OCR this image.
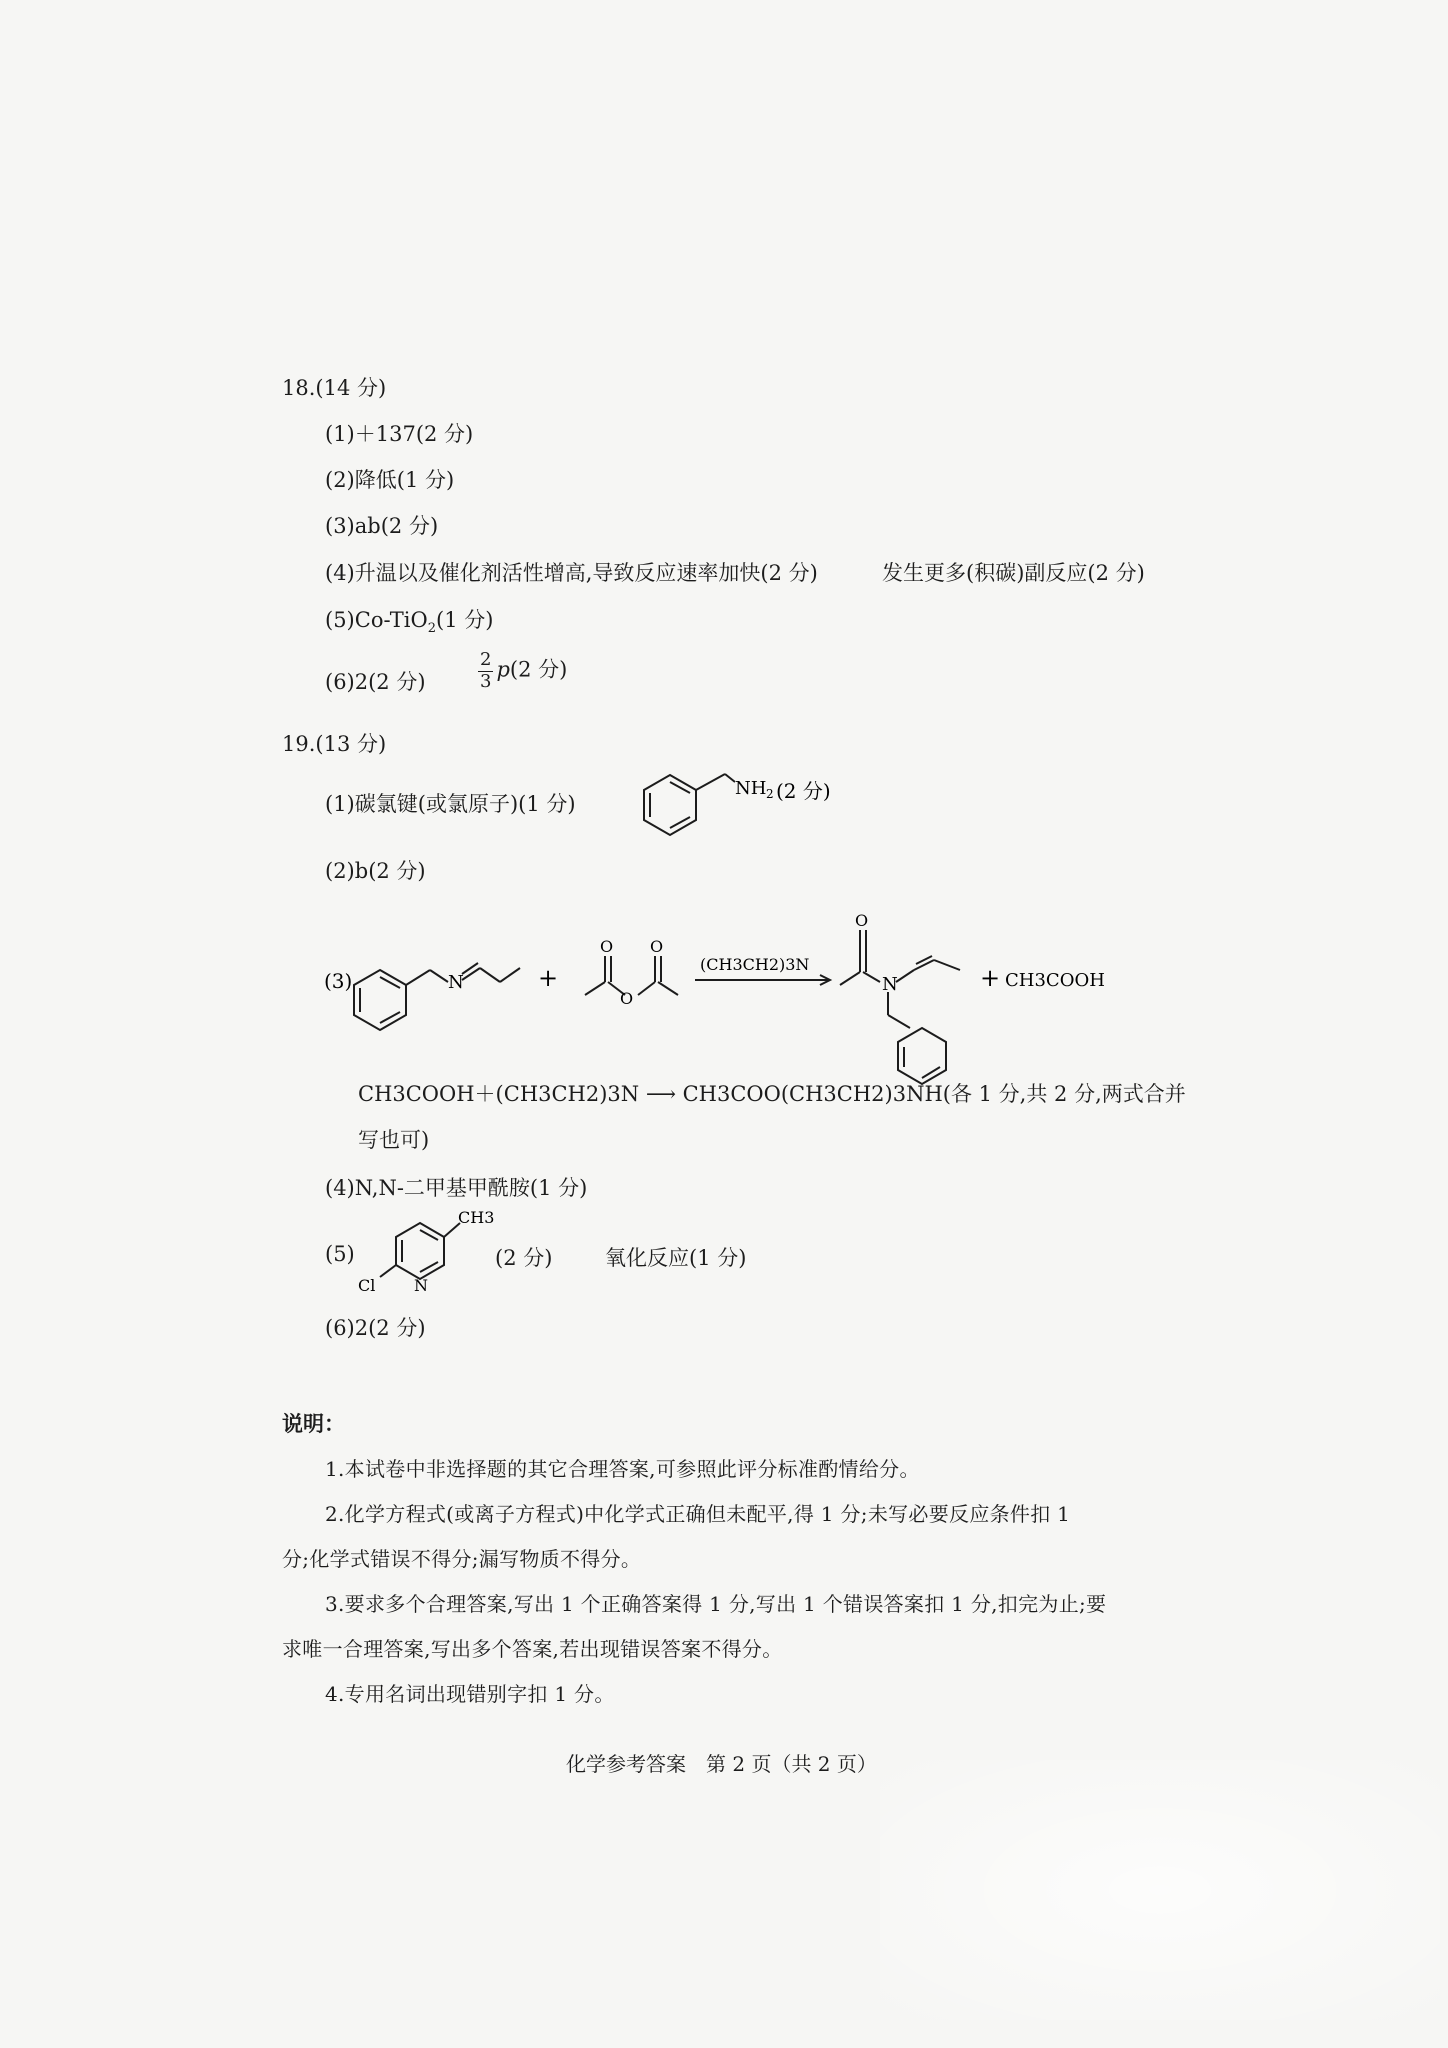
18.(14 分)
(1)＋137(2 分)
(2)降低(1 分)
(3)ab(2 分)
(4)升温以及催化剂活性增高,导致反应速率加快(2 分)	发生更多(积碳)副反应(2 分)
(5)Co-TiO$_2$(1 分)
(6)2(2 分)	$\frac{2}{3} p(2$ 分)
19.(13 分)
(1)碳氯键(或氯原子)(1 分)
NH 2 (2 分)
(2)b(2 分)
(3)	N
O
O O
O
N
+	(CH3CH2)3N	+ CH3COOH
CH3COOH＋(CH3CH2)3N ⟶ CH3COO(CH3CH2)3NH(各 1 分,共 2 分,两式合并
写也可)
(4)N,N-二甲基甲酰胺(1 分)
(5)
CH3
Cl N
(2 分)	氧化反应(1 分)
(6)2(2 分)
说明：
1.本试卷中非选择题的其它合理答案,可参照此评分标准酌情给分。
2.化学方程式(或离子方程式)中化学式正确但未配平,得 1 分;未写必要反应条件扣 1
分;化学式错误不得分;漏写物质不得分。
3.要求多个合理答案,写出 1 个正确答案得 1 分,写出 1 个错误答案扣 1 分,扣完为止;要
求唯一合理答案,写出多个答案,若出现错误答案不得分。
4.专用名词出现错别字扣 1 分。
化学参考答案　第 2 页（共 2 页）
